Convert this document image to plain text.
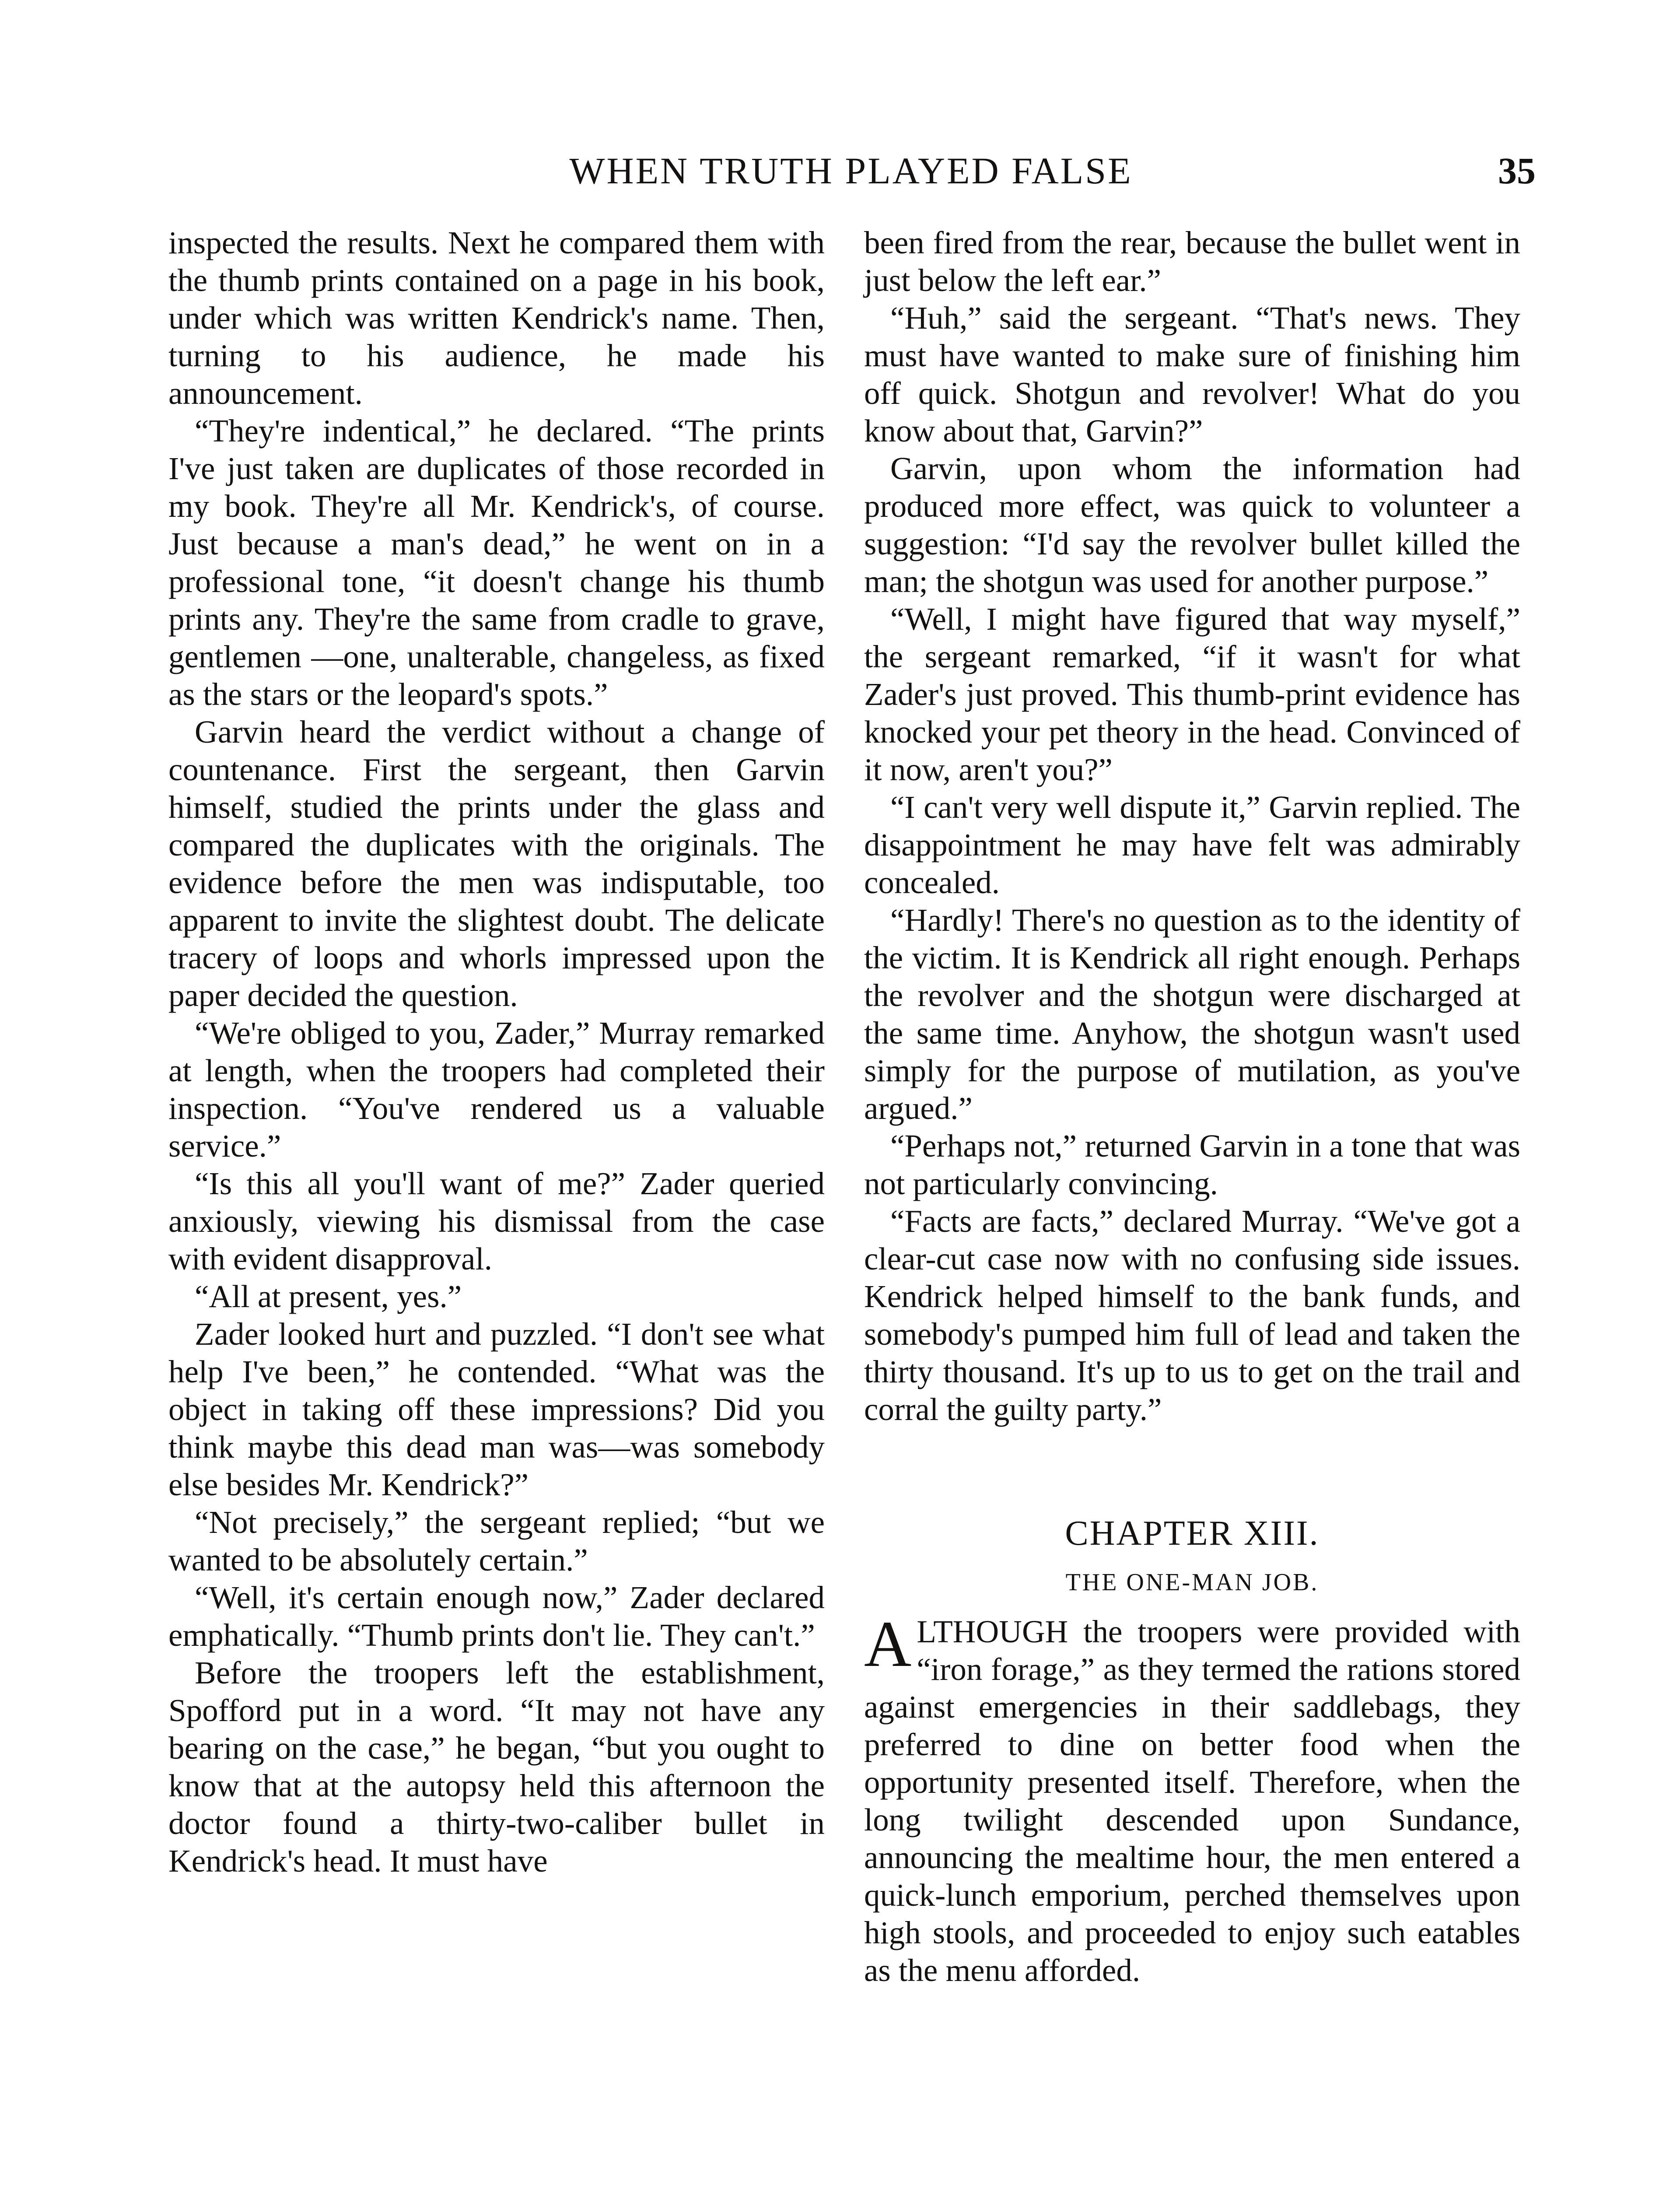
WHEN TRUTH PLAYED FALSE	35

inspected the results. Next he compared them with the thumb prints contained on a page in his book, under which was written Kendrick's name. Then, turning to his audience, he made his announcement.

“They're indentical,” he declared. “The prints I've just taken are duplicates of those recorded in my book. They're all Mr. Kendrick's, of course. Just because a man's dead,” he went on in a professional tone, “it doesn't change his thumb prints any. They're the same from cradle to grave, gentlemen —one, unalterable, changeless, as fixed as the stars or the leopard's spots.”

Garvin heard the verdict without a change of countenance. First the sergeant, then Garvin himself, studied the prints under the glass and compared the duplicates with the originals. The evidence before the men was indisputable, too apparent to invite the slightest doubt. The delicate tracery of loops and whorls impressed upon the paper decided the question.

“We're obliged to you, Zader,” Murray remarked at length, when the troopers had completed their inspection. “You've rendered us a valuable service.”

“Is this all you'll want of me?” Zader queried anxiously, viewing his dismissal from the case with evident disapproval.

“All at present, yes.”

Zader looked hurt and puzzled. “I don't see what help I've been,” he contended. “What was the object in taking off these impressions? Did you think maybe this dead man was—was somebody else besides Mr. Kendrick?”

“Not precisely,” the sergeant replied; “but we wanted to be absolutely certain.”

“Well, it's certain enough now,” Zader declared emphatically. “Thumb prints don't lie. They can't.”

Before the troopers left the establishment, Spofford put in a word. “It may not have any bearing on the case,” he began, “but you ought to know that at the autopsy held this afternoon the doctor found a thirty-two-caliber bullet in Kendrick's head. It must have

been fired from the rear, because the bullet went in just below the left ear.”

“Huh,” said the sergeant. “That's news. They must have wanted to make sure of finishing him off quick. Shotgun and revolver! What do you know about that, Garvin?”

Garvin, upon whom the information had produced more effect, was quick to volunteer a suggestion: “I'd say the revolver bullet killed the man; the shotgun was used for another purpose.”

“Well, I might have figured that way myself,” the sergeant remarked, “if it wasn't for what Zader's just proved. This thumb-print evidence has knocked your pet theory in the head. Convinced of it now, aren't you?”

“I can't very well dispute it,” Garvin replied. The disappointment he may have felt was admirably concealed.

“Hardly! There's no question as to the identity of the victim. It is Kendrick all right enough. Perhaps the revolver and the shotgun were discharged at the same time. Anyhow, the shotgun wasn't used simply for the purpose of mutilation, as you've argued.”

“Perhaps not,” returned Garvin in a tone that was not particularly convincing.

“Facts are facts,” declared Murray. “We've got a clear-cut case now with no confusing side issues. Kendrick helped himself to the bank funds, and somebody's pumped him full of lead and taken the thirty thousand. It's up to us to get on the trail and corral the guilty party.”

CHAPTER XIII.
THE ONE-MAN JOB.

ALTHOUGH the troopers were provided with “iron forage,” as they termed the rations stored against emergencies in their saddlebags, they preferred to dine on better food when the opportunity presented itself. Therefore, when the long twilight descended upon Sundance, announcing the mealtime hour, the men entered a quick-lunch emporium, perched themselves upon high stools, and proceeded to enjoy such eatables as the menu afforded.
